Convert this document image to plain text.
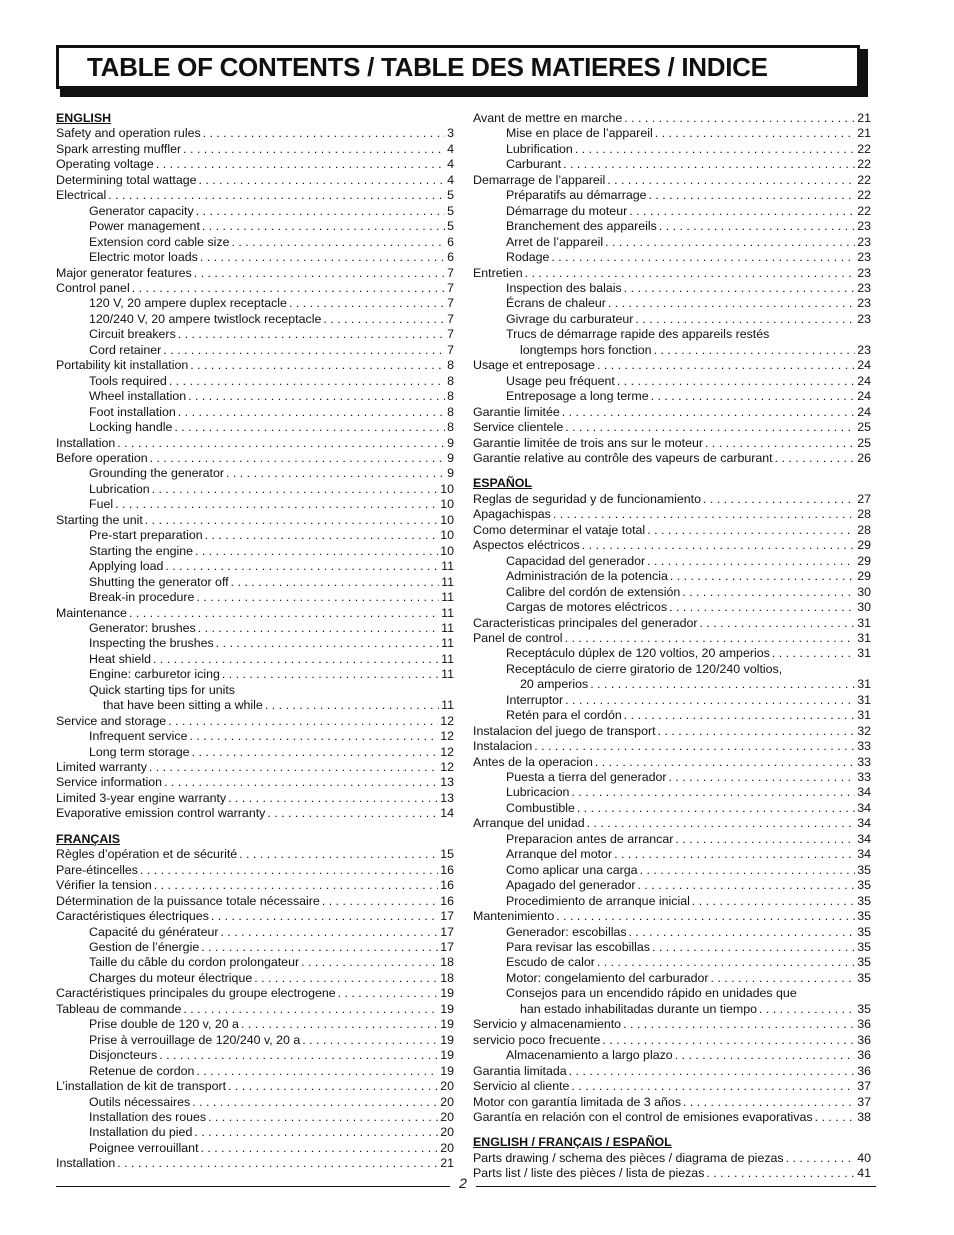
TABLE OF CONTENTS / TABLE DES MATIERES / INDICE
ENGLISH
Safety and operation rules . . .	3
Spark arresting muffler . . .	4
Operating voltage . . .	4
Determining total wattage . . .	4
Electrical . . .	5
Generator capacity . . .	5
Power management . . .	5
Extension cord cable size . . .	6
Electric motor loads . . .	6
Major generator features . . .	7
Control panel . . .	7
120 V, 20 ampere duplex receptacle . . .	7
120/240 V, 20 ampere twistlock receptacle . . .	7
Circuit breakers . . .	7
Cord retainer . . .	7
Portability kit installation . . .	8
Tools required . . .	8
Wheel installation . . .	8
Foot installation . . .	8
Locking handle . . .	8
Installation . . .	9
Before operation . . .	9
Grounding the generator . . .	9
Lubrication . . .	10
Fuel . . .	10
Starting the unit . . .	10
Pre-start preparation . . .	10
Starting the engine . . .	10
Applying load . . .	11
Shutting the generator off . . .	11
Break-in procedure . . .	11
Maintenance . . .	11
Generator: brushes . . .	11
Inspecting the brushes . . .	11
Heat shield . . .	11
Engine: carburetor icing . . .	11
Quick starting tips for units
that have been sitting a while . . .	11
Service and storage . . .	12
Infrequent service . . .	12
Long term storage . . .	12
Limited warranty . . .	12
Service information . . .	13
Limited 3-year engine warranty . . .	13
Evaporative emission control warranty . . .	14
FRANÇAIS
Règles d’opération et de sécurité . . .	15
Pare-étincelles . . .	16
Vérifier la tension . . .	16
Détermination de la puissance totale nécessaire . . .	16
Caractéristiques électriques . . .	17
Capacité du générateur . . .	17
Gestion de l’énergie . . .	17
Taille du câble du cordon prolongateur . . .	18
Charges du moteur électrique . . .	18
Caractéristiques principales du groupe electrogene . . .	19
Tableau de commande . . .	19
Prise double de 120 v, 20 a . . .	19
Prise à verrouillage de 120/240 v, 20 a . . .	19
Disjoncteurs . . .	19
Retenue de cordon . . .	19
L’installation de kit de transport . . .	20
Outils nécessaires . . .	20
Installation des roues . . .	20
Installation du pied . . .	20
Poignee verrouillant . . .	20
Installation . . .	21
Avant de mettre en marche . . .	21
Mise en place de l’appareil . . .	21
Lubrification . . .	22
Carburant . . .	22
Demarrage de l’appareil . . .	22
Préparatifs au démarrage . . .	22
Démarrage du moteur . . .	22
Branchement des appareils . . .	23
Arret de l’appareil . . .	23
Rodage . . .	23
Entretien . . .	23
Inspection des balais . . .	23
Écrans de chaleur . . .	23
Givrage du carburateur . . .	23
Trucs de démarrage rapide des appareils restés
longtemps hors fonction . . .	23
Usage et entreposage . . .	24
Usage peu fréquent . . .	24
Entreposage a long terme . . .	24
Garantie limitée . . .	24
Service clientele . . .	25
Garantie limitée de trois ans sur le moteur . . .	25
Garantie relative au contrôle des vapeurs de carburant . . .	26
ESPAÑOL
Reglas de seguridad y de funcionamiento . . .	27
Apagachispas . . .	28
Como determinar el vataje total . . .	28
Aspectos eléctricos . . .	29
Capacidad del generador . . .	29
Administración de la potencia . . .	29
Calibre del cordón de extensión . . .	30
Cargas de motores eléctricos . . .	30
Caracteristicas principales del generador . . .	31
Panel de control . . .	31
Receptáculo dúplex de 120 voltios, 20 amperios . . .	31
Receptáculo de cierre giratorio de 120/240 voltios,
20 amperios . . .	31
Interruptor . . .	31
Retén para el cordón . . .	31
Instalacion del juego de transport . . .	32
Instalacion . . .	33
Antes de la operacion . . .	33
Puesta a tierra del generador . . .	33
Lubricacion . . .	34
Combustible . . .	34
Arranque del unidad . . .	34
Preparacion antes de arrancar . . .	34
Arranque del motor . . .	34
Como aplicar una carga . . .	35
Apagado del generador . . .	35
Procedimiento de arranque inicial . . .	35
Mantenimiento . . .	35
Generador: escobillas . . .	35
Para revisar las escobillas . . .	35
Escudo de calor . . .	35
Motor: congelamiento del carburador . . .	35
Consejos para un encendido rápido en unidades que
han estado inhabilitadas durante un tiempo . . .	35
Servicio y almacenamiento . . .	36
servicio poco frecuente . . .	36
Almacenamiento a largo plazo . . .	36
Garantia limitada . . .	36
Servicio al cliente . . .	37
Motor con garantía limitada de 3 años . . .	37
Garantía en relación con el control de emisiones evaporativas . . .	38
ENGLISH / FRANÇAIS / ESPAÑOL
Parts drawing / schema des pièces / diagrama de piezas . . .	40
Parts list / liste des pièces / lista de piezas . . .	41
2
